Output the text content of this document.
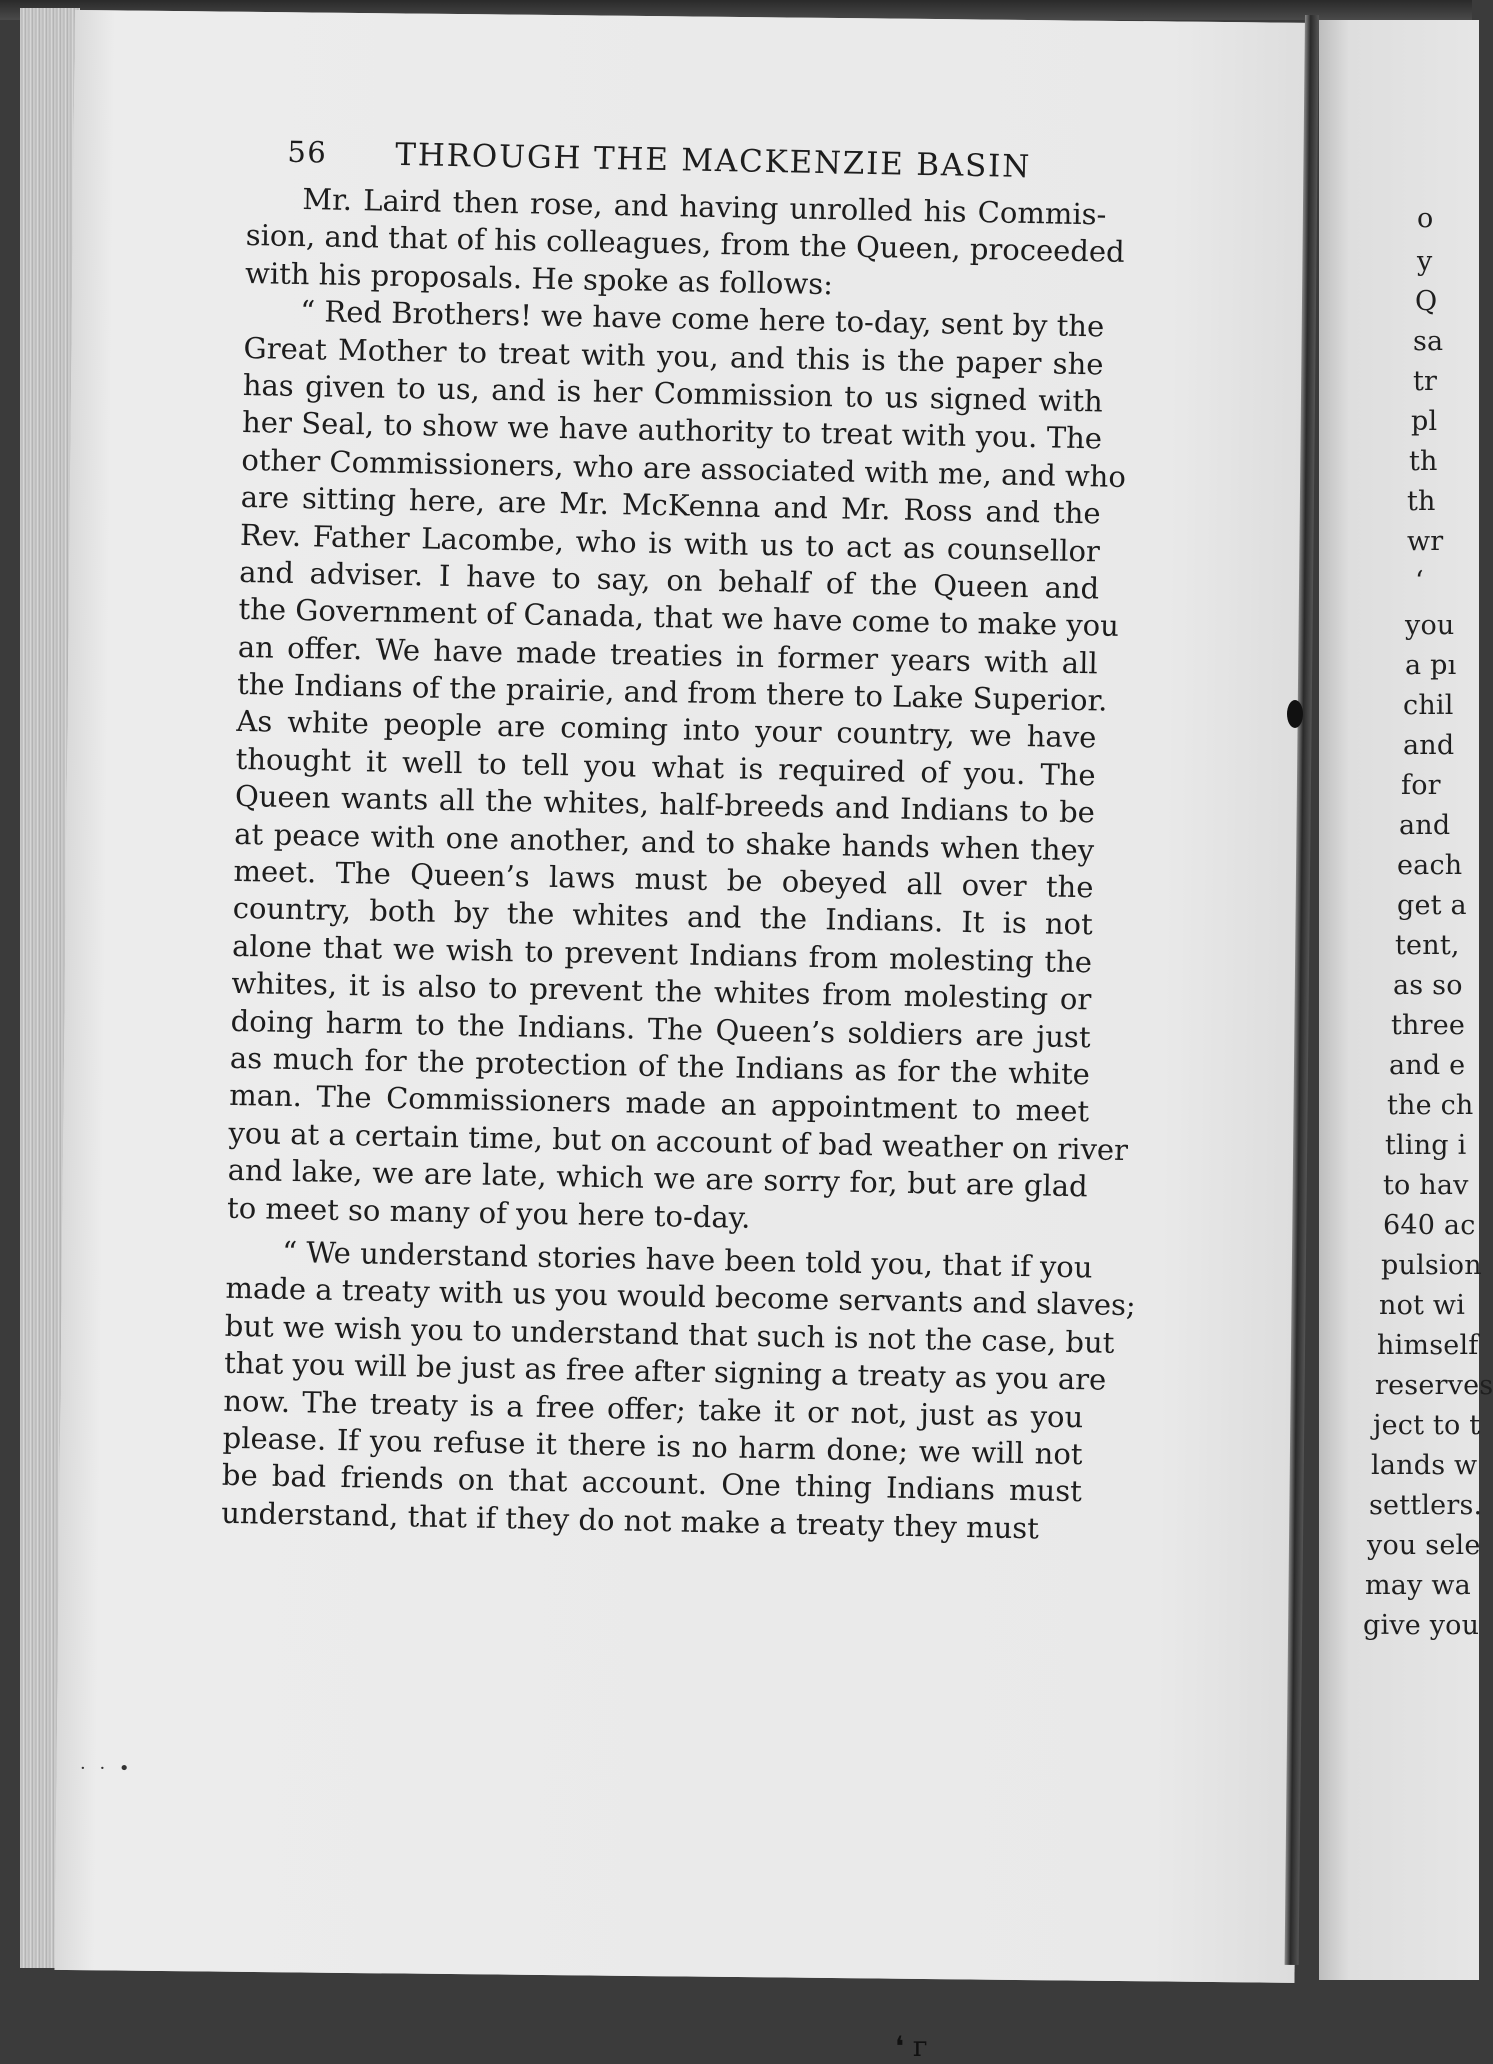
o
y
Q
sa
tr
pl
th
th
wr
‘
you
a pı
chil
and
for
and
each
get a
tent,
as so
three
and e
the ch
tling i
to hav
640 ac
pulsion
not wi
himself
reserves
ject to t
lands w
settlers.
you sele
may wa
give you
56 THROUGH THE MACKENZIE BASIN
Mr. Laird then rose, and having unrolled his Commis-
sion, and that of his colleagues, from the Queen, proceeded
with his proposals. He spoke as follows:
“ Red Brothers! we have come here to-day, sent by the
Great Mother to treat with you, and this is the paper she
has given to us, and is her Commission to us signed with
her Seal, to show we have authority to treat with you. The
other Commissioners, who are associated with me, and who
are sitting here, are Mr. McKenna and Mr. Ross and the
Rev. Father Lacombe, who is with us to act as counsellor
and adviser. I have to say, on behalf of the Queen and
the Government of Canada, that we have come to make you
an offer. We have made treaties in former years with all
the Indians of the prairie, and from there to Lake Superior.
As white people are coming into your country, we have
thought it well to tell you what is required of you. The
Queen wants all the whites, half-breeds and Indians to be
at peace with one another, and to shake hands when they
meet. The Queen’s laws must be obeyed all over the
country, both by the whites and the Indians. It is not
alone that we wish to prevent Indians from molesting the
whites, it is also to prevent the whites from molesting or
doing harm to the Indians. The Queen’s soldiers are just
as much for the protection of the Indians as for the white
man. The Commissioners made an appointment to meet
you at a certain time, but on account of bad weather on river
and lake, we are late, which we are sorry for, but are glad
to meet so many of you here to-day.
“ We understand stories have been told you, that if you
made a treaty with us you would become servants and slaves;
but we wish you to understand that such is not the case, but
that you will be just as free after signing a treaty as you are
now. The treaty is a free offer; take it or not, just as you
please. If you refuse it there is no harm done; we will not
be bad friends on that account. One thing Indians must
understand, that if they do not make a treaty they must
· · •
❛ ᴦ
